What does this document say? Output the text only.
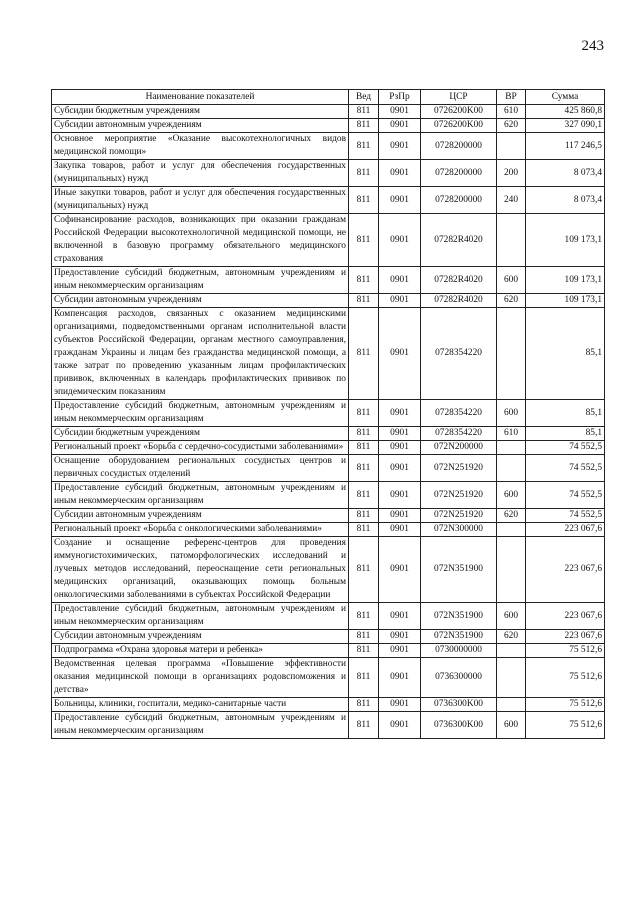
243
Наименование показателей	Вед	РзПр	ЦСР	ВР	Сумма
Субсидии бюджетным учреждениям	811	0901	0726200K00	610	425 860,8
Субсидии автономным учреждениям	811	0901	0726200K00	620	327 090,1
Основное мероприятие «Оказание высокотехнологичных видов медицинской помощи»	811	0901	0728200000		117 246,5
Закупка товаров, работ и услуг для обеспечения государственных (муниципальных) нужд	811	0901	0728200000	200	8 073,4
Иные закупки товаров, работ и услуг для обеспечения государственных (муниципальных) нужд	811	0901	0728200000	240	8 073,4
Софинансирование расходов, возникающих при оказании гражданам Российской Федерации высокотехнологичной медицинской помощи, не включенной в базовую программу обязательного медицинского страхования	811	0901	07282R4020		109 173,1
Предоставление субсидий бюджетным, автономным учреждениям и иным некоммерческим организациям	811	0901	07282R4020	600	109 173,1
Субсидии автономным учреждениям	811	0901	07282R4020	620	109 173,1
Компенсация расходов, связанных с оказанием медицинскими организациями, подведомственными органам исполнительной власти субъектов Российской Федерации, органам местного самоуправления, гражданам Украины и лицам без гражданства медицинской помощи, а также затрат по проведению указанным лицам профилактических прививок, включенных в календарь профилактических прививок по эпидемическим показаниям	811	0901	0728354220		85,1
Предоставление субсидий бюджетным, автономным учреждениям и иным некоммерческим организациям	811	0901	0728354220	600	85,1
Субсидии бюджетным учреждениям	811	0901	0728354220	610	85,1
Региональный проект «Борьба с сердечно-сосудистыми заболеваниями»	811	0901	072N200000		74 552,5
Оснащение оборудованием региональных сосудистых центров и первичных сосудистых отделений	811	0901	072N251920		74 552,5
Предоставление субсидий бюджетным, автономным учреждениям и иным некоммерческим организациям	811	0901	072N251920	600	74 552,5
Субсидии автономным учреждениям	811	0901	072N251920	620	74 552,5
Региональный проект «Борьба с онкологическими заболеваниями»	811	0901	072N300000		223 067,6
Создание и оснащение референс-центров для проведения иммуногистохимических, патоморфологических исследований и лучевых методов исследований, переоснащение сети региональных медицинских организаций, оказывающих помощь больным онкологическими заболеваниями в субъектах Российской Федерации	811	0901	072N351900		223 067,6
Предоставление субсидий бюджетным, автономным учреждениям и иным некоммерческим организациям	811	0901	072N351900	600	223 067,6
Субсидии автономным учреждениям	811	0901	072N351900	620	223 067,6
Подпрограмма «Охрана здоровья матери и ребенка»	811	0901	0730000000		75 512,6
Ведомственная целевая программа «Повышение эффективности оказания медицинской помощи в организациях родовспоможения и детства»	811	0901	0736300000		75 512,6
Больницы, клиники, госпитали, медико-санитарные части	811	0901	0736300K00		75 512,6
Предоставление субсидий бюджетным, автономным учреждениям и иным некоммерческим организациям	811	0901	0736300K00	600	75 512,6
